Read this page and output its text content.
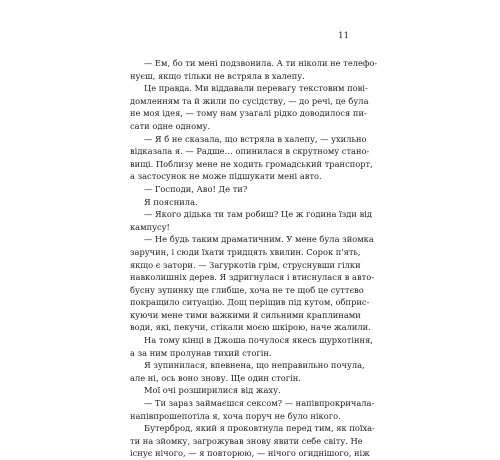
11
— Ем, бо ти мені подзвонила. А ти ніколи не телефо-
нуєш, якщо тільки не встряла в халепу.
Це правда. Ми віддавали перевагу текстовим пові-
домленням та й жили по сусідству, — до речі, це була
не моя ідея, — тому нам узагалі рідко доводилося пи-
сати одне одному.
— Я б не сказала, що встряла в халепу, — ухильно
відказала я. — Радше… опинилася в скрутному стано-
вищі. Поблизу мене не ходить громадський транспорт,
а застосунок не може підшукати мені авто.
— Господи, Аво! Де ти?
Я пояснила.
— Якого дідька ти там робиш? Це ж година їзди від
кампусу!
— Не будь таким драматичним. У мене була зйомка
заручин, і сюди їхати тридцять хвилин. Сорок п'ять,
якщо є затори. — Загуркотів грім, струснувши гілки
навколишніх дерев. Я здригнулася і втиснулася в авто-
бусну зупинку ще глибше, хоча не те щоб це суттєво
покращило ситуацію. Дощ періщив під кутом, обприс-
куючи мене тими важкими й сильними краплинами
води, які, пекучи, стікали моєю шкірою, наче жалили.
На тому кінці в Джоша почулося якесь шурхотіння,
а за ним пролунав тихий стогін.
Я зупинилася, впевнена, що неправильно почула,
але ні, ось воно знову. Ще один стогін.
Мої очі розширилися від жаху.
— Ти зараз займаєшся сексом? — напівпрокричала-
напівпрошепотіла я, хоча поруч не було нікого.
Бутерброд, який я проковтнула перед тим, як поїха-
ти на зйомку, загрожував знову явити себе світу. Не
існує нічого, — я повторюю, — нічого огиднішого, ніж
